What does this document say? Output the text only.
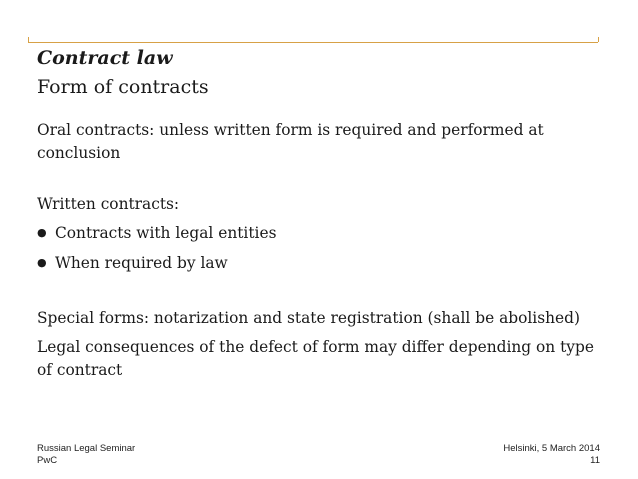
Contract law
Form of contracts

Oral contracts: unless written form is required and performed at conclusion

Written contracts:

● Contracts with legal entities
● When required by law

Special forms: notarization and state registration (shall be abolished)

Legal consequences of the defect of form may differ depending on type of contract

Russian Legal Seminar
PwC
Helsinki, 5 March 2014
11
